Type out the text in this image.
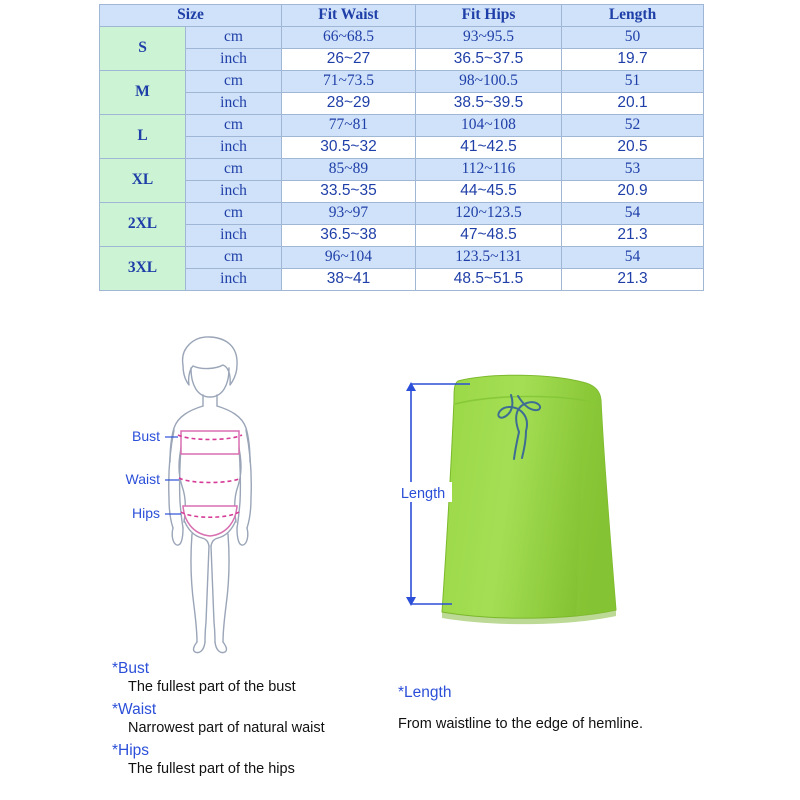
Size		Fit Waist	Fit Hips	Length
S	cm	66~68.5	93~95.5	50
	inch	26~27	36.5~37.5	19.7
M	cm	71~73.5	98~100.5	51
	inch	28~29	38.5~39.5	20.1
L	cm	77~81	104~108	52
	inch	30.5~32	41~42.5	20.5
XL	cm	85~89	112~116	53
	inch	33.5~35	44~45.5	20.9
2XL	cm	93~97	120~123.5	54
	inch	36.5~38	47~48.5	21.3
3XL	cm	96~104	123.5~131	54
	inch	38~41	48.5~51.5	21.3
Bust
Waist
Hips
Length

*Bust

The fullest part of the bust

*Waist

Narrowest part of natural waist

*Hips

The fullest part of the hips

*Length

From waistline to the edge of hemline.
